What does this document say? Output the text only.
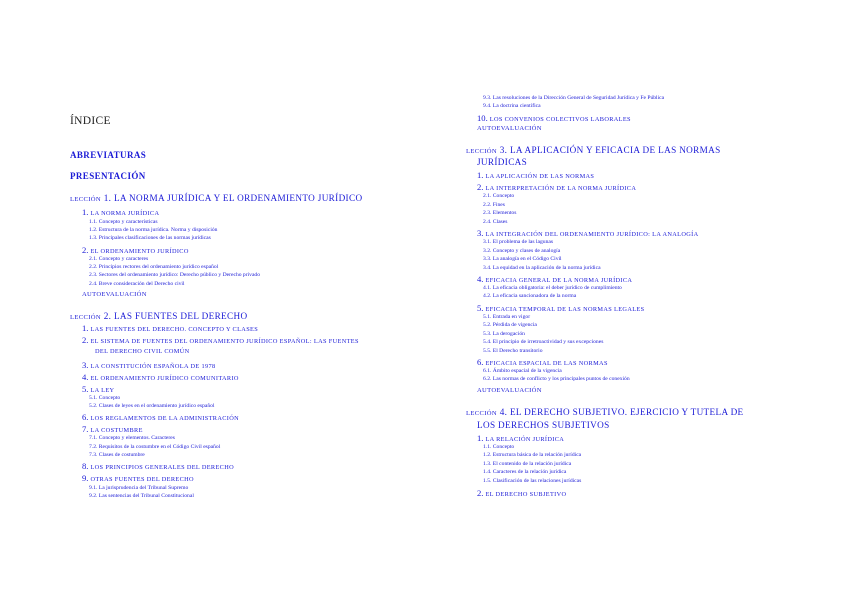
ÍNDICE
ABREVIATURAS
PRESENTACIÓN
LECCIÓN 1. LA NORMA JURÍDICA Y EL ORDENAMIENTO JURÍDICO
1. LA NORMA JURÍDICA
1.1. Concepto y características
1.2. Estructura de la norma jurídica. Norma y disposición
1.3. Principales clasificaciones de las normas jurídicas
2. EL ORDENAMIENTO JURÍDICO
2.1. Concepto y caracteres
2.2. Principios rectores del ordenamiento jurídico español
2.3. Sectores del ordenamiento jurídico: Derecho público y Derecho privado
2.4. Breve consideración del Derecho civil
AUTOEVALUACIÓN
LECCIÓN 2. LAS FUENTES DEL DERECHO
1. LAS FUENTES DEL DERECHO. CONCEPTO Y CLASES
2. EL SISTEMA DE FUENTES DEL ORDENAMIENTO JURÍDICO ESPAÑOL: LAS FUENTES
DEL DERECHO CIVIL COMÚN
3. LA CONSTITUCIÓN ESPAÑOLA DE 1978
4. EL ORDENAMIENTO JURÍDICO COMUNITARIO
5. LA LEY
5.1. Concepto
5.2. Clases de leyes en el ordenamiento jurídico español
6. LOS REGLAMENTOS DE LA ADMINISTRACIÓN
7. LA COSTUMBRE
7.1. Concepto y elementos. Caracteres
7.2. Requisitos de la costumbre en el Código Civil español
7.3. Clases de costumbre
8. LOS PRINCIPIOS GENERALES DEL DERECHO
9. OTRAS FUENTES DEL DERECHO
9.1. La jurisprudencia del Tribunal Supremo
9.2. Las sentencias del Tribunal Constitucional
9.3. Las resoluciones de la Dirección General de Seguridad Jurídica y Fe Pública
9.4. La doctrina científica
10. LOS CONVENIOS COLECTIVOS LABORALES
AUTOEVALUACIÓN
LECCIÓN 3. LA APLICACIÓN Y EFICACIA DE LAS NORMAS
JURÍDICAS
1. LA APLICACIÓN DE LAS NORMAS
2. LA INTERPRETACIÓN DE LA NORMA JURÍDICA
2.1. Concepto
2.2. Fines
2.3. Elementos
2.4. Clases
3. LA INTEGRACIÓN DEL ORDENAMIENTO JURÍDICO: LA ANALOGÍA
3.1. El problema de las lagunas
3.2. Concepto y clases de analogía
3.3. La analogía en el Código Civil
3.4. La equidad en la aplicación de la norma jurídica
4. EFICACIA GENERAL DE LA NORMA JURÍDICA
4.1. La eficacia obligatoria: el deber jurídico de cumplimiento
4.2. La eficacia sancionadora de la norma
5. EFICACIA TEMPORAL DE LAS NORMAS LEGALES
5.1. Entrada en vigor
5.2. Pérdida de vigencia
5.3. La derogación
5.4. El principio de irretroactividad y sus excepciones
5.5. El Derecho transitorio
6. EFICACIA ESPACIAL DE LAS NORMAS
6.1. Ámbito espacial de la vigencia
6.2. Las normas de conflicto y los principales puntos de conexión
AUTOEVALUACIÓN
LECCIÓN 4. EL DERECHO SUBJETIVO. EJERCICIO Y TUTELA DE
LOS DERECHOS SUBJETIVOS
1. LA RELACIÓN JURÍDICA
1.1. Concepto
1.2. Estructura básica de la relación jurídica
1.3. El contenido de la relación jurídica
1.4. Caracteres de la relación jurídica
1.5. Clasificación de las relaciones jurídicas
2. EL DERECHO SUBJETIVO
